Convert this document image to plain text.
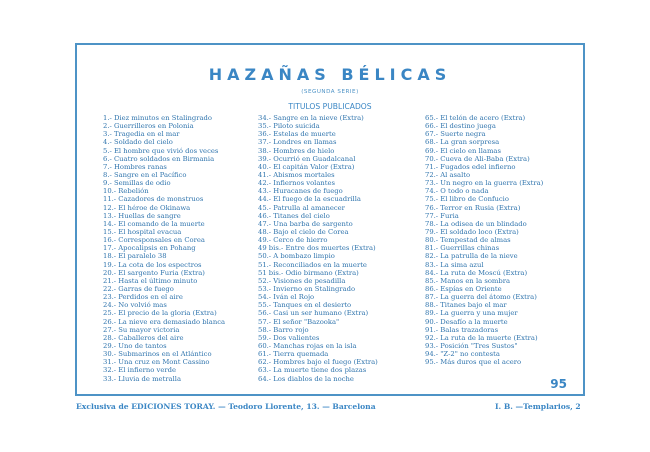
HAZAÑAS BÉLICAS
(SEGUNDA SERIE)
TITULOS PUBLICADOS
1.- Diez minutos en Stalingrado
2.- Guerrilleros en Polonia
3.- Tragedia en el mar
4.- Soldado del cielo
5.- El hombre que vivió dos veces
6.- Cuatro soldados en Birmania
7.- Hombres ranas
8.- Sangre en el Pacífico
9.- Semillas de odio
10.- Rebelión
11.- Cazadores de monstruos
12.- El héroe de Okinawa
13.- Huellas de sangre
14.- El comando de la muerte
15.- El hospital evacua
16.- Corresponsales en Corea
17.- Apocalipsis en Pohang
18.- El paralelo 38
19.- La cota de los espectros
20.- El sargento Furia (Extra)
21.- Hasta el último minuto
22.- Garras de fuego
23.- Perdidos en el aire
24.- No volvió mas
25.- El precio de la gloria (Extra)
26.- La nieve era demasiado blanca
27.- Su mayor victoria
28.- Caballeros del aire
29.- Uno de tantos
30.- Submarinos en el Atlántico
31.- Una cruz en Mont Cassino
32.- El infierno verde
33.- Lluvia de metralla
34.- Sangre en la nieve (Extra)
35.- Piloto suicida
36.- Estelas de muerte
37.- Londres en llamas
38.- Hombres de hielo
39.- Ocurrió en Guadalcanal
40.- El capitán Valor (Extra)
41.- Abismos mortales
42.- Infiernos volantes
43.- Huracanes de fuego
44.- El fuego de la escuadrilla
45.- Patrulla al amanecer
46.- Titanes del cielo
47.- Una barba de sargento
48.- Bajo el cielo de Corea
49.- Cerco de hierro
49 bis.- Entre dos muertes (Extra)
50.- A bombazo limpio
51.- Reconciliados en la muerte
51 bis.- Odio birmano (Extra)
52.- Visiones de pesadilla
53.- Invierno en Stalingrado
54.- Iván el Rojo
55.- Tanques en el desierto
56.- Casi un ser humano (Extra)
57.- El señor "Bazooka"
58.- Barro rojo
59.- Dos valientes
60.- Manchas rojas en la isla
61.- Tierra quemada
62.- Hombres bajo el fuego (Extra)
63.- La muerte tiene dos plazas
64.- Los diablos de la noche
65.- El telón de acero (Extra)
66.- El destino juega
67.- Suerte negra
68.- La gran sorpresa
69.- El cielo en llamas
70.- Cueva de Ali-Baba (Extra)
71.- Fugados edel infierno
72.- Al asalto
73.- Un negro en la guerra (Extra)
74.- O todo o nada
75.- El libro de Confucio
76.- Terror en Rusia (Extra)
77.- Furia
78.- La odisea de un blindado
79.- El soldado loco (Extra)
80.- Tempestad de almas
81.- Guerrillas chinas
82.- La patrulla de la nieve
83.- La sima azul
84.- La ruta de Moscú (Extra)
85.- Manos en la sombra
86.- Espías en Oriente
87.- La guerra del átomo (Extra)
88.- Titanes bajo el mar
89.- La guerra y una mujer
90.- Desafío a la muerte
91.- Balas trazadoras
92.- La ruta de la muerte (Extra)
93.- Posición "Tres Sustos"
94.- "Z-2" no contesta
95.- Más duros que el acero
95
Exclusiva de EDICIONES TORAY. — Teodoro Llorente, 13. — Barcelona	I. B. —Templarios, 2
